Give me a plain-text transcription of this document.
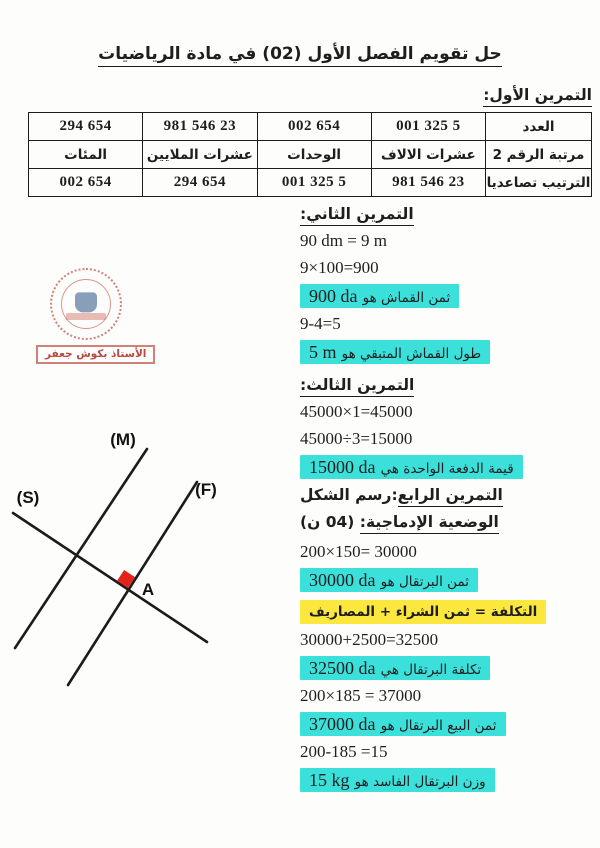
حل تقويم الفصل الأول (02) في مادة الرياضيات
التمرين الأول:
العدد	5 325 001	654 002	23 546 981	654 294
مرتبة الرقم 2	عشرات الالاف	الوحدات	عشرات الملايين	المئات
الترتيب تصاعديا	23 546 981	5 325 001	654 294	654 002
التمرين الثاني:
90 dm = 9 m
9×100=900
ثمن القماش هو 900 da
9-4=5
طول القماش المتبقي هو 5 m
التمرين الثالث:
45000×1=45000
45000÷3=15000
قيمة الدفعة الواحدة هي 15000 da
التمرين الرابع:رسم الشكل
الوضعية الإدماجية: (04 ن)
200×150= 30000
ثمن البرتقال هو 30000 da
التكلفة = ثمن الشراء + المصاريف
30000+2500=32500
تكلفة البرتقال هي 32500 da
200×185 = 37000
ثمن البيع البرتقال هو 37000 da
200-185 =15
وزن البرتقال الفاسد هو 15 kg
(M)
(S)	(F)
A
الأستاذ بكوش جعفر
